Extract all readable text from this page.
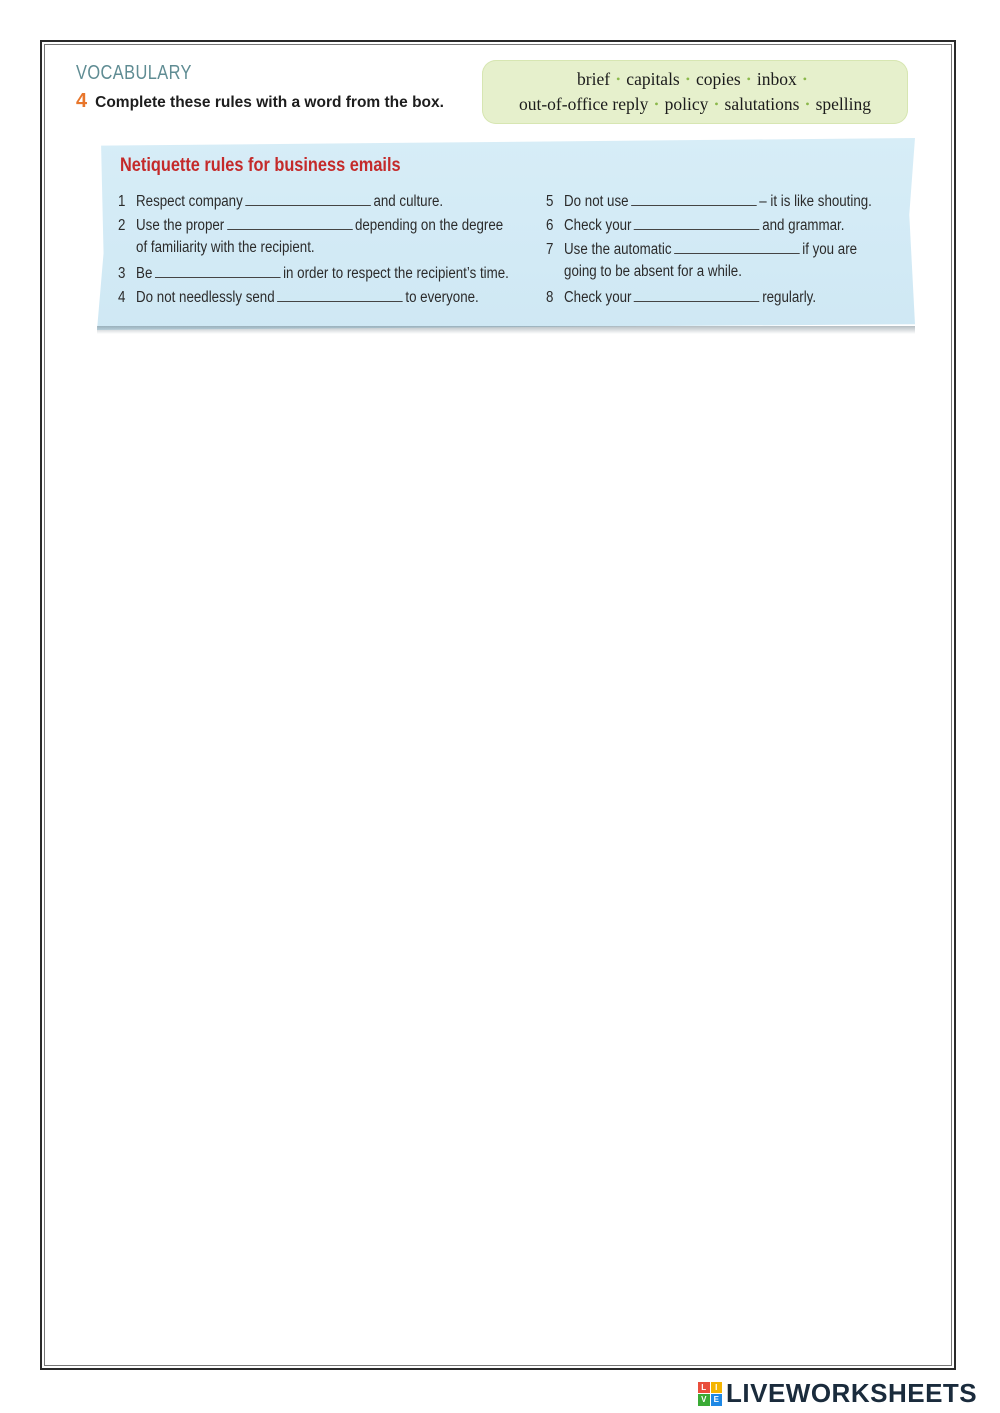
VOCABULARY
4 Complete these rules with a word from the box.
brief • capitals • copies • inbox •
out-of-office reply • policy • salutations • spelling
Netiquette rules for business emails
1 Respect company	and culture.
2 Use the proper	depending on the degree
of familiarity with the recipient.
3 Be	in order to respect the recipient’s time.
4 Do not needlessly send	to everyone.
5 Do not use	– it is like shouting.
6 Check your	and grammar.
7 Use the automatic	if you are
going to be absent for a while.
8 Check your	regularly.
L	I
V E LIVEWORKSHEETS
